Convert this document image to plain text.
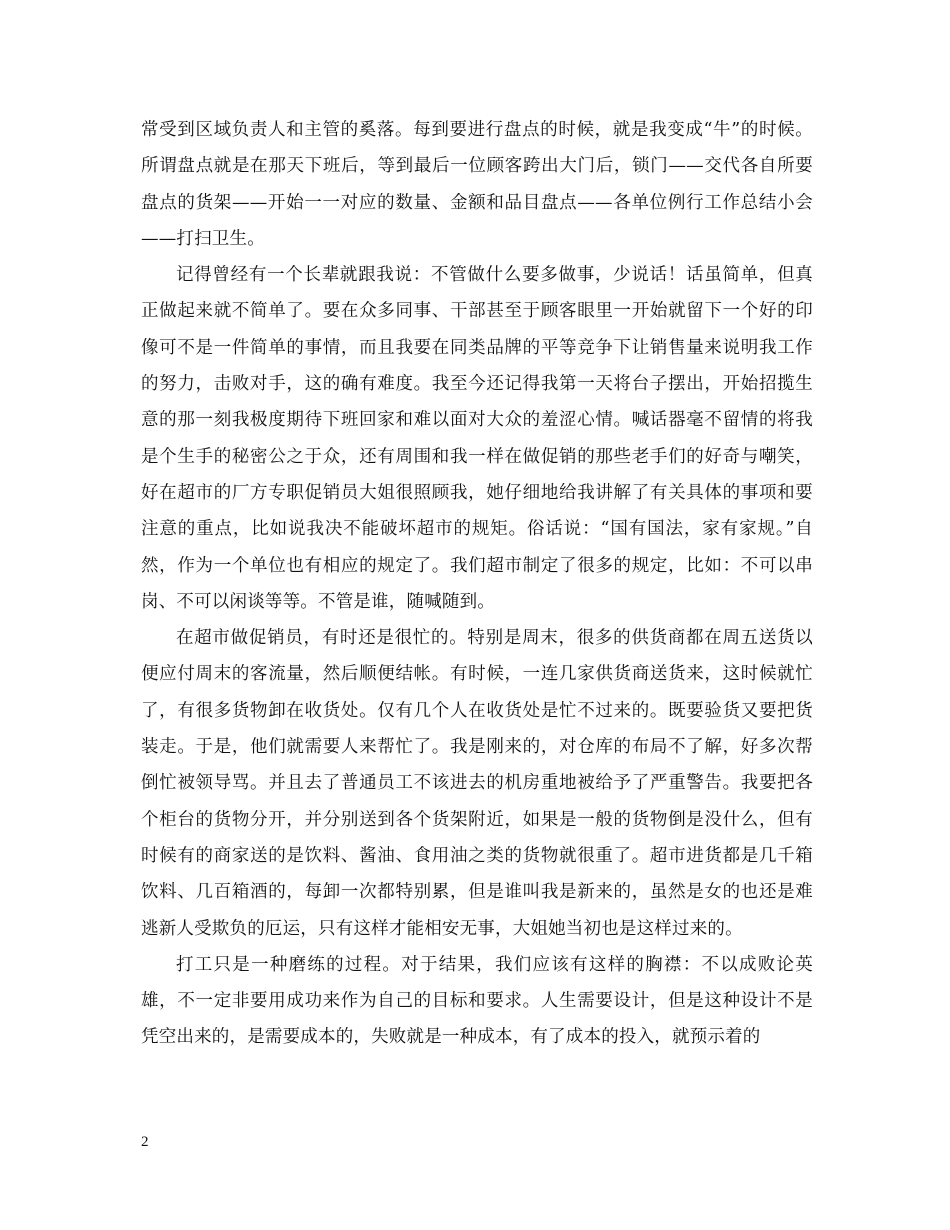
常受到区域负责人和主管的奚落。每到要进行盘点的时候，就是我变成“牛”的时候。所谓盘点就是在那天下班后，等到最后一位顾客跨出大门后，锁门——交代各自所要盘点的货架——开始一一对应的数量、金额和品目盘点——各单位例行工作总结小会——打扫卫生。

记得曾经有一个长辈就跟我说：不管做什么要多做事，少说话！话虽简单，但真正做起来就不简单了。要在众多同事、干部甚至于顾客眼里一开始就留下一个好的印像可不是一件简单的事情，而且我要在同类品牌的平等竞争下让销售量来说明我工作的努力，击败对手，这的确有难度。我至今还记得我第一天将台子摆出，开始招揽生意的那一刻我极度期待下班回家和难以面对大众的羞涩心情。喊话器毫不留情的将我是个生手的秘密公之于众，还有周围和我一样在做促销的那些老手们的好奇与嘲笑，好在超市的厂方专职促销员大姐很照顾我，她仔细地给我讲解了有关具体的事项和要注意的重点，比如说我决不能破坏超市的规矩。俗话说：“国有国法，家有家规。”自然，作为一个单位也有相应的规定了。我们超市制定了很多的规定，比如：不可以串岗、不可以闲谈等等。不管是谁，随喊随到。

在超市做促销员，有时还是很忙的。特别是周末，很多的供货商都在周五送货以便应付周末的客流量，然后顺便结帐。有时候，一连几家供货商送货来，这时候就忙了，有很多货物卸在收货处。仅有几个人在收货处是忙不过来的。既要验货又要把货装走。于是，他们就需要人来帮忙了。我是刚来的，对仓库的布局不了解，好多次帮倒忙被领导骂。并且去了普通员工不该进去的机房重地被给予了严重警告。我要把各个柜台的货物分开，并分别送到各个货架附近，如果是一般的货物倒是没什么，但有时候有的商家送的是饮料、酱油、食用油之类的货物就很重了。超市进货都是几千箱饮料、几百箱酒的，每卸一次都特别累，但是谁叫我是新来的，虽然是女的也还是难逃新人受欺负的厄运，只有这样才能相安无事，大姐她当初也是这样过来的。

打工只是一种磨练的过程。对于结果，我们应该有这样的胸襟：不以成败论英雄，不一定非要用成功来作为自己的目标和要求。人生需要设计，但是这种设计不是凭空出来的，是需要成本的，失败就是一种成本，有了成本的投入，就预示着的

2
